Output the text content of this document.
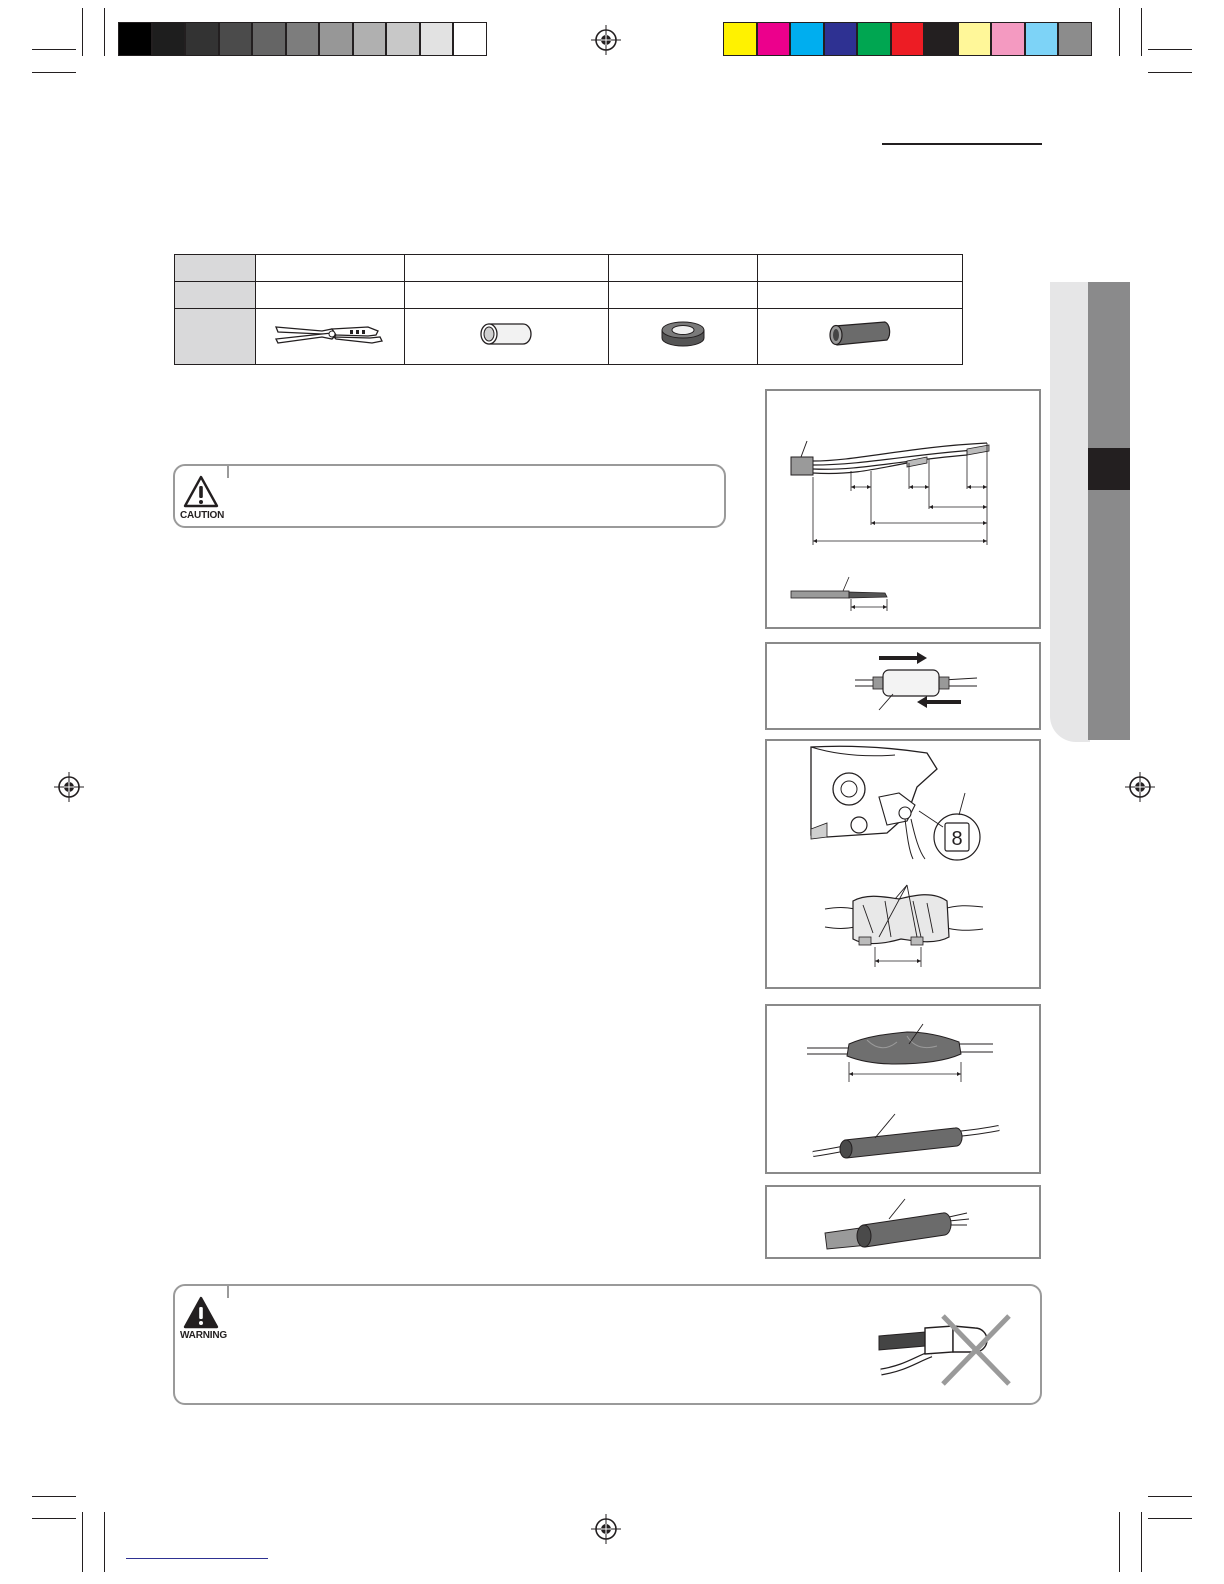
CAUTION
WARNING
8
